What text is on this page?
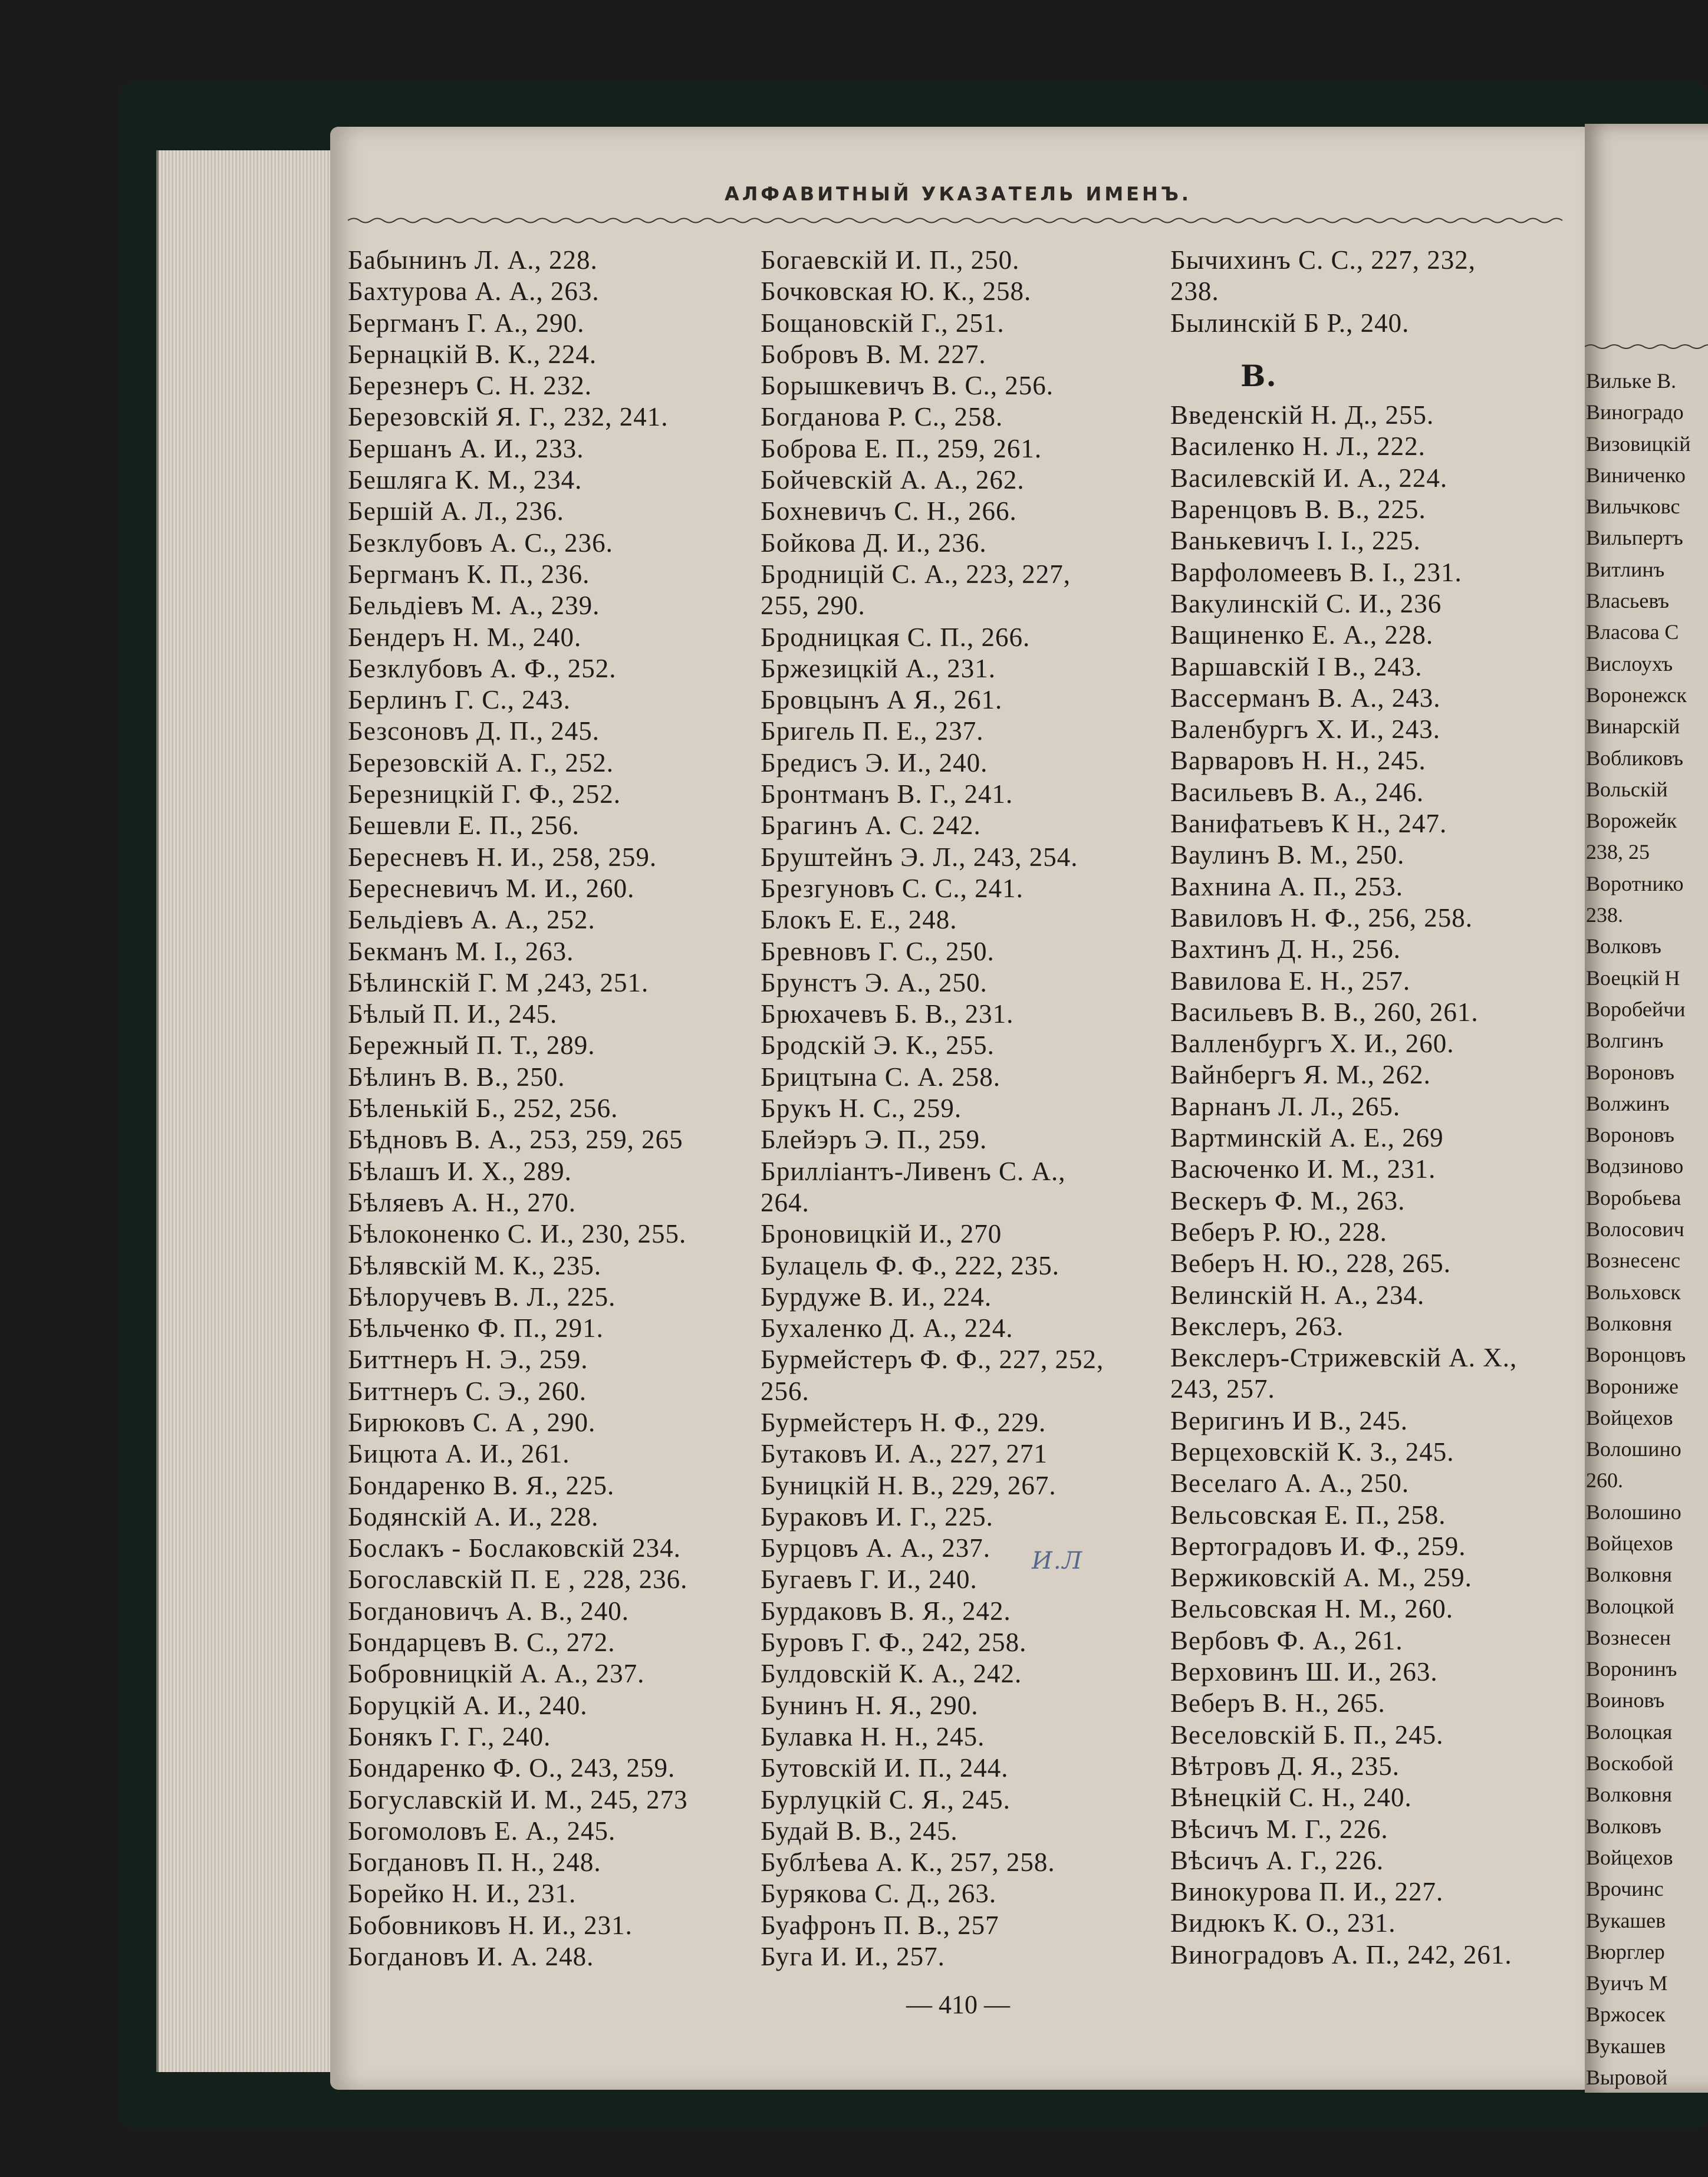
АЛФАВИТНЫЙ УКАЗАТЕЛЬ ИМЕНЪ.
Бабынинъ Л. А., 228.
Бахтурова А. А., 263.
Бергманъ Г. А., 290.
Бернацкій В. К., 224.
Березнеръ С. Н. 232.
Березовскій Я. Г., 232, 241.
Бершанъ А. И., 233.
Бешляга К. М., 234.
Бершій А. Л., 236.
Безклубовъ А. С., 236.
Бергманъ К. П., 236.
Бельдіевъ М. А., 239.
Бендеръ Н. М., 240.
Безклубовъ А. Ф., 252.
Берлинъ Г. С., 243.
Безсоновъ Д. П., 245.
Березовскій А. Г., 252.
Березницкій Г. Ф., 252.
Бешевли Е. П., 256.
Бересневъ Н. И., 258, 259.
Бересневичъ М. И., 260.
Бельдіевъ А. А., 252.
Бекманъ М. І., 263.
Бѣлинскій Г. М ,243, 251.
Бѣлый П. И., 245.
Бережный П. Т., 289.
Бѣлинъ В. В., 250.
Бѣленькій Б., 252, 256.
Бѣдновъ В. А., 253, 259, 265
Бѣлашъ И. Х., 289.
Бѣляевъ А. Н., 270.
Бѣлоконенко С. И., 230, 255.
Бѣлявскій М. К., 235.
Бѣлоручевъ В. Л., 225.
Бѣльченко Ф. П., 291.
Биттнеръ Н. Э., 259.
Биттнеръ С. Э., 260.
Бирюковъ С. А , 290.
Бицюта А. И., 261.
Бондаренко В. Я., 225.
Бодянскій А. И., 228.
Бослакъ - Бослаковскій 234.
Богославскій П. Е , 228, 236.
Богдановичъ А. В., 240.
Бондарцевъ В. С., 272.
Бобровницкій А. А., 237.
Боруцкій А. И., 240.
Бонякъ Г. Г., 240.
Бондаренко Ф. О., 243, 259.
Богуславскій И. М., 245, 273
Богомоловъ Е. А., 245.
Богдановъ П. Н., 248.
Борейко Н. И., 231.
Бобовниковъ Н. И., 231.
Богдановъ И. А. 248.
Богаевскій И. П., 250.
Бочковская Ю. К., 258.
Бощановскій Г., 251.
Бобровъ В. М. 227.
Борышкевичъ В. С., 256.
Богданова Р. С., 258.
Боброва Е. П., 259, 261.
Бойчевскій А. А., 262.
Бохневичъ С. Н., 266.
Бойкова Д. И., 236.
Бродницій С. А., 223, 227,
255, 290.
Бродницкая С. П., 266.
Бржезицкій А., 231.
Бровцынъ А Я., 261.
Бригель П. Е., 237.
Бредисъ Э. И., 240.
Бронтманъ В. Г., 241.
Брагинъ А. С. 242.
Бруштейнъ Э. Л., 243, 254.
Брезгуновъ С. С., 241.
Блокъ Е. Е., 248.
Бревновъ Г. С., 250.
Брунстъ Э. А., 250.
Брюхачевъ Б. В., 231.
Бродскій Э. К., 255.
Брицтына С. А. 258.
Брукъ Н. С., 259.
Блейэръ Э. П., 259.
Брилліантъ-Ливенъ С. А.,
264.
Броновицкій И., 270
Булацель Ф. Ф., 222, 235.
Бурдуже В. И., 224.
Бухаленко Д. А., 224.
Бурмейстеръ Ф. Ф., 227, 252,
256.
Бурмейстеръ Н. Ф., 229.
Бутаковъ И. А., 227, 271
Буницкій Н. В., 229, 267.
Бураковъ И. Г., 225.
Бурцовъ А. А., 237.
Бугаевъ Г. И., 240.
Бурдаковъ В. Я., 242.
Буровъ Г. Ф., 242, 258.
Булдовскій К. А., 242.
Бунинъ Н. Я., 290.
Булавка Н. Н., 245.
Бутовскій И. П., 244.
Бурлуцкій С. Я., 245.
Будай В. В., 245.
Бублѣева А. К., 257, 258.
Бурякова С. Д., 263.
Буафронъ П. В., 257
Буга И. И., 257.
Бычихинъ С. С., 227, 232,
238.
Былинскій Б Р., 240.
В.
Введенскій Н. Д., 255.
Василенко Н. Л., 222.
Василевскій И. А., 224.
Варенцовъ В. В., 225.
Ванькевичъ І. І., 225.
Варфоломеевъ В. І., 231.
Вакулинскій С. И., 236
Ващиненко Е. А., 228.
Варшавскій І В., 243.
Вассерманъ В. А., 243.
Валенбургъ Х. И., 243.
Варваровъ Н. Н., 245.
Васильевъ В. А., 246.
Ванифатьевъ К Н., 247.
Ваулинъ В. М., 250.
Вахнина А. П., 253.
Вавиловъ Н. Ф., 256, 258.
Вахтинъ Д. Н., 256.
Вавилова Е. Н., 257.
Васильевъ В. В., 260, 261.
Валленбургъ Х. И., 260.
Вайнбергъ Я. М., 262.
Варнанъ Л. Л., 265.
Вартминскій А. Е., 269
Васюченко И. М., 231.
Вескеръ Ф. М., 263.
Веберъ Р. Ю., 228.
Веберъ Н. Ю., 228, 265.
Велинскій Н. А., 234.
Векслеръ, 263.
Векслеръ-Стрижевскій А. Х.,
243, 257.
Веригинъ И В., 245.
Верцеховскій К. З., 245.
Веселаго А. А., 250.
Вельсовская Е. П., 258.
Вертоградовъ И. Ф., 259.
Вержиковскій А. М., 259.
Вельсовская Н. М., 260.
Вербовъ Ф. А., 261.
Верховинъ Ш. И., 263.
Веберъ В. Н., 265.
Веселовскій Б. П., 245.
Вѣтровъ Д. Я., 235.
Вѣнецкій С. Н., 240.
Вѣсичъ М. Г., 226.
Вѣсичъ А. Г., 226.
Винокурова П. И., 227.
Видюкъ К. О., 231.
Виноградовъ А. П., 242, 261.
И.Л
— 410 —
Вилькe В.
Виноградо
Визовицкій
Виниченко
Вильчковс
Вильпертъ
Витлинъ
Власьевъ
Власова С
Вислоухъ
Воронежск
Винарскій
Вобликовъ
Вольскій
Ворожейк
238, 25
Воротнико
238.
Волковъ
Воецкій Н
Воробейчи
Волгинъ
Вороновъ
Волжинъ
Вороновъ
Водзиново
Воробьева
Волосович
Вознесенс
Вольховск
Волковня
Воронцовъ
Ворониже
Войцехов
Волошино
260.
Волошино
Войцехов
Волковня
Волоцкой
Вознесен
Воронинъ
Воиновъ
Волоцкая
Воскобой
Волковня
Волковъ
Войцехов
Врочинс
Вукашев
Вюрглер
Вуичъ М
Вржосек
Вукашев
Выровой
